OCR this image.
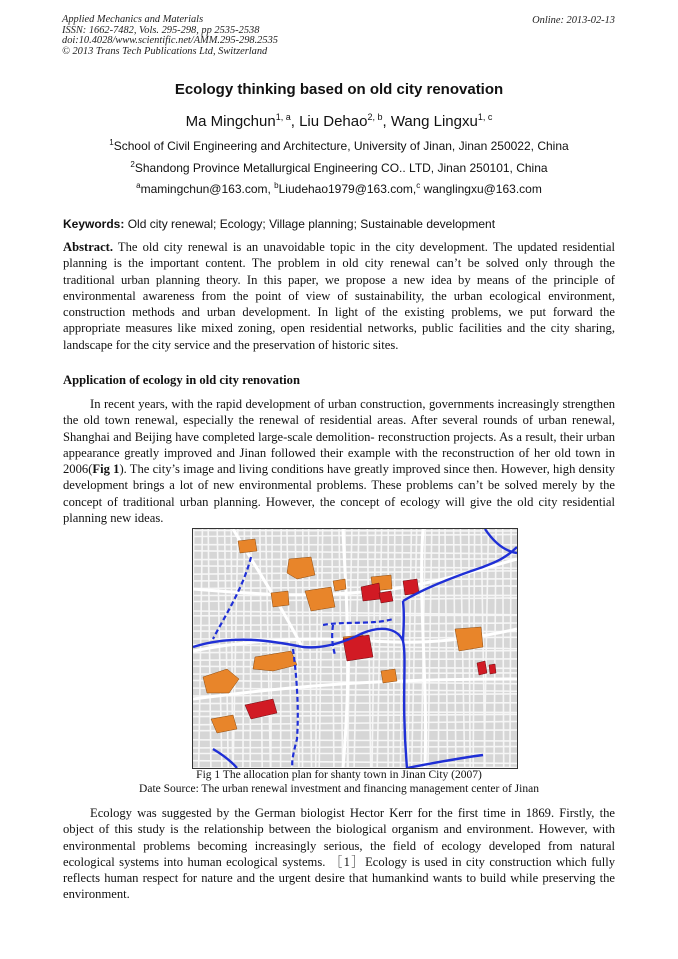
Applied Mechanics and Materials
ISSN: 1662-7482, Vols. 295-298, pp 2535-2538
doi:10.4028/www.scientific.net/AMM.295-298.2535
© 2013 Trans Tech Publications Ltd, Switzerland
Online: 2013-02-13
Ecology thinking based on old city renovation
Ma Mingchun$^{1, a}$, Liu Dehao$^{2, b}$, Wang Lingxu$^{1, c}$
$^1$School of Civil Engineering and Architecture, University of Jinan, Jinan 250022, China
$^2$Shandong Province Metallurgical Engineering CO.. LTD, Jinan 250101, China
$^a$mamingchun@163.com, $^b$Liudehao1979@163.com,$^c$ wanglingxu@163.com
Keywords: Old city renewal; Ecology; Village planning; Sustainable development
Abstract. The old city renewal is an unavoidable topic in the city development. The updated residential planning is the important content. The problem in old city renewal can’t be solved only through the traditional urban planning theory. In this paper, we propose a new idea by means of the principle of environmental awareness from the point of view of sustainability, the urban ecological environment, construction methods and urban development. In light of the existing problems, we put forward the appropriate measures like mixed zoning, open residential networks, public facilities and the city sharing, landscape for the city service and the preservation of historic sites.
Application of ecology in old city renovation
In recent years, with the rapid development of urban construction, governments increasingly strengthen the old town renewal, especially the renewal of residential areas. After several rounds of urban renewal, Shanghai and Beijing have completed large-scale demolition- reconstruction projects. As a result, their urban appearance greatly improved and Jinan followed their example with the reconstruction of her old town in 2006(Fig 1). The city’s image and living conditions have greatly improved since then. However, high density development brings a lot of new environmental problems. These problems can’t be solved merely by the concept of traditional urban planning. However, the concept of ecology will give the old city residential planning new ideas.
Fig 1 The allocation plan for shanty town in Jinan City (2007)
Date Source: The urban renewal investment and financing management center of Jinan
Ecology was suggested by the German biologist Hector Kerr for the first time in 1869. Firstly, the object of this study is the relationship between the biological organism and environment. However, with environmental problems becoming increasingly serious, the field of ecology developed from natural ecological systems into human ecological systems. ［1］Ecology is used in city construction which fully reflects human respect for nature and the urgent desire that humankind wants to build while preserving the environment.
